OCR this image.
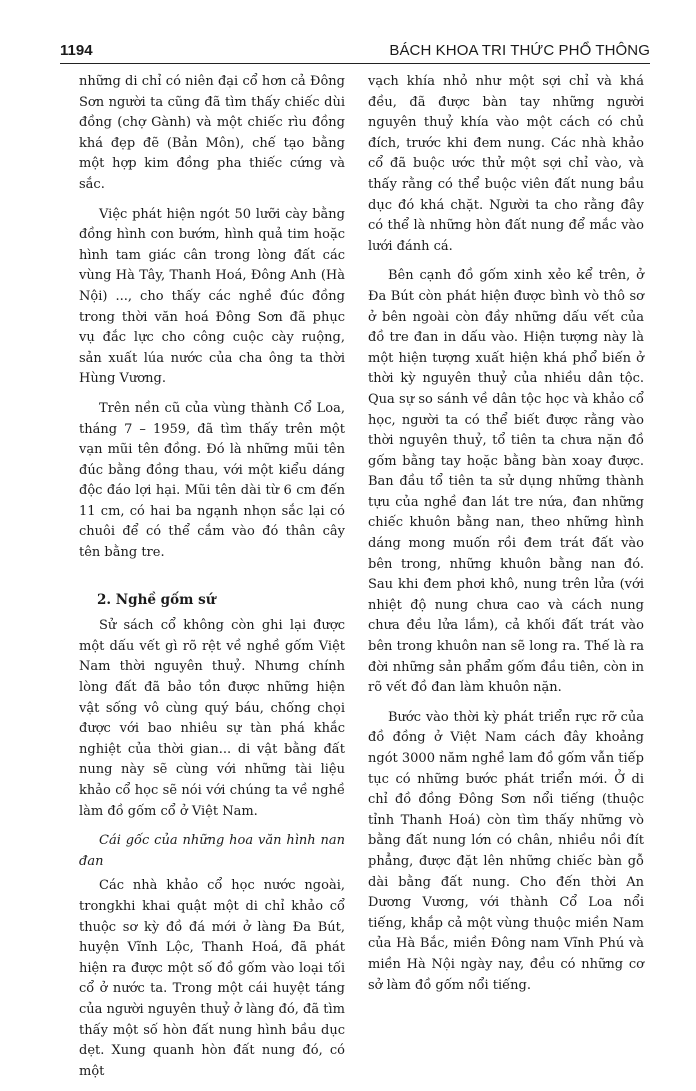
1194	BÁCH KHOA TRI THỨC PHỔ THÔNG

những di chỉ có niên đại cổ hơn cả Đông Sơn người ta cũng đã tìm thấy chiếc dùi đồng (chợ Gành) và một chiếc rìu đồng khá đẹp đẽ (Bản Môn), chế tạo bằng một hợp kim đồng pha thiếc cứng và sắc.

Việc phát hiện ngót 50 lưỡi cày bằng đồng hình con bướm, hình quả tim hoặc hình tam giác cân trong lòng đất các vùng Hà Tây, Thanh Hoá, Đông Anh (Hà Nội) ..., cho thấy các nghề đúc đồng trong thời văn hoá Đông Sơn đã phục vụ đắc lực cho công cuộc cày ruộng, sản xuất lúa nước của cha ông ta thời Hùng Vương.

Trên nền cũ của vùng thành Cổ Loa, tháng 7 – 1959, đã tìm thấy trên một vạn mũi tên đồng. Đó là những mũi tên đúc bằng đồng thau, với một kiểu dáng độc đáo lợi hại. Mũi tên dài từ 6 cm đến 11 cm, có hai ba ngạnh nhọn sắc lại có chuôi để có thể cắm vào đó thân cây tên bằng tre.

2. Nghề gốm sứ

Sử sách cổ không còn ghi lại được một dấu vết gì rõ rệt về nghề gốm Việt Nam thời nguyên thuỷ. Nhưng chính lòng đất đã bảo tồn được những hiện vật sống vô cùng quý báu, chống chọi được với bao nhiêu sự tàn phá khắc nghiệt của thời gian... di vật bằng đất nung này sẽ cùng với những tài liệu khảo cổ học sẽ nói với chúng ta về nghề làm đồ gốm cổ ở Việt Nam.

Cái gốc của những hoa văn hình nan đan

Các nhà khảo cổ học nước ngoài, trongkhi khai quật một di chỉ khảo cổ thuộc sơ kỳ đồ đá mới ở làng Đa Bút, huyện Vĩnh Lộc, Thanh Hoá, đã phát hiện ra được một số đồ gốm vào loại tối cổ ở nước ta. Trong một cái huyệt táng của người nguyên thuỷ ở làng đó, đã tìm thấy một số hòn đất nung hình bầu dục dẹt. Xung quanh hòn đất nung đó, có một

vạch khía nhỏ như một sợi chỉ và khá đều, đã được bàn tay những người nguyên thuỷ khía vào một cách có chủ đích, trước khi đem nung. Các nhà khảo cổ đã buộc ước thử một sợi chỉ vào, và thấy rằng có thể buộc viên đất nung bầu dục đó khá chặt. Người ta cho rằng đây có thể là những hòn đất nung để mắc vào lưới đánh cá.

Bên cạnh đồ gốm xinh xẻo kể trên, ở Đa Bút còn phát hiện được bình vò thô sơ ở bên ngoài còn đầy những dấu vết của đồ tre đan in dấu vào. Hiện tượng này là một hiện tượng xuất hiện khá phổ biến ở thời kỳ nguyên thuỷ của nhiều dân tộc. Qua sự so sánh về dân tộc học và khảo cổ học, người ta có thể biết được rằng vào thời nguyên thuỷ, tổ tiên ta chưa nặn đồ gốm bằng tay hoặc bằng bàn xoay được. Ban đầu tổ tiên ta sử dụng những thành tựu của nghề đan lát tre nứa, đan những chiếc khuôn bằng nan, theo những hình dáng mong muốn rồi đem trát đất vào bên trong, những khuôn bằng nan đó. Sau khi đem phơi khô, nung trên lửa (với nhiệt độ nung chưa cao và cách nung chưa đều lửa lắm), cả khối đất trát vào bên trong khuôn nan sẽ long ra. Thế là ra đời những sản phẩm gốm đầu tiên, còn in rõ vết đồ đan làm khuôn nặn.

Bước vào thời kỳ phát triển rực rỡ của đồ đồng ở Việt Nam cách đây khoảng ngót 3000 năm nghề lam đồ gốm vẫn tiếp tục có những bước phát triển mới. Ở di chỉ đồ đồng Đông Sơn nổi tiếng (thuộc tỉnh Thanh Hoá) còn tìm thấy những vò bằng đất nung lớn có chân, nhiều nồi đít phẳng, được đặt lên những chiếc bàn gỗ dài bằng đất nung. Cho đến thời An Dương Vương, với thành Cổ Loa nổi tiếng, khắp cả một vùng thuộc miền Nam của Hà Bắc, miền Đông nam Vĩnh Phú và miền Hà Nội ngày nay, đều có những cơ sở làm đồ gốm nổi tiếng.
